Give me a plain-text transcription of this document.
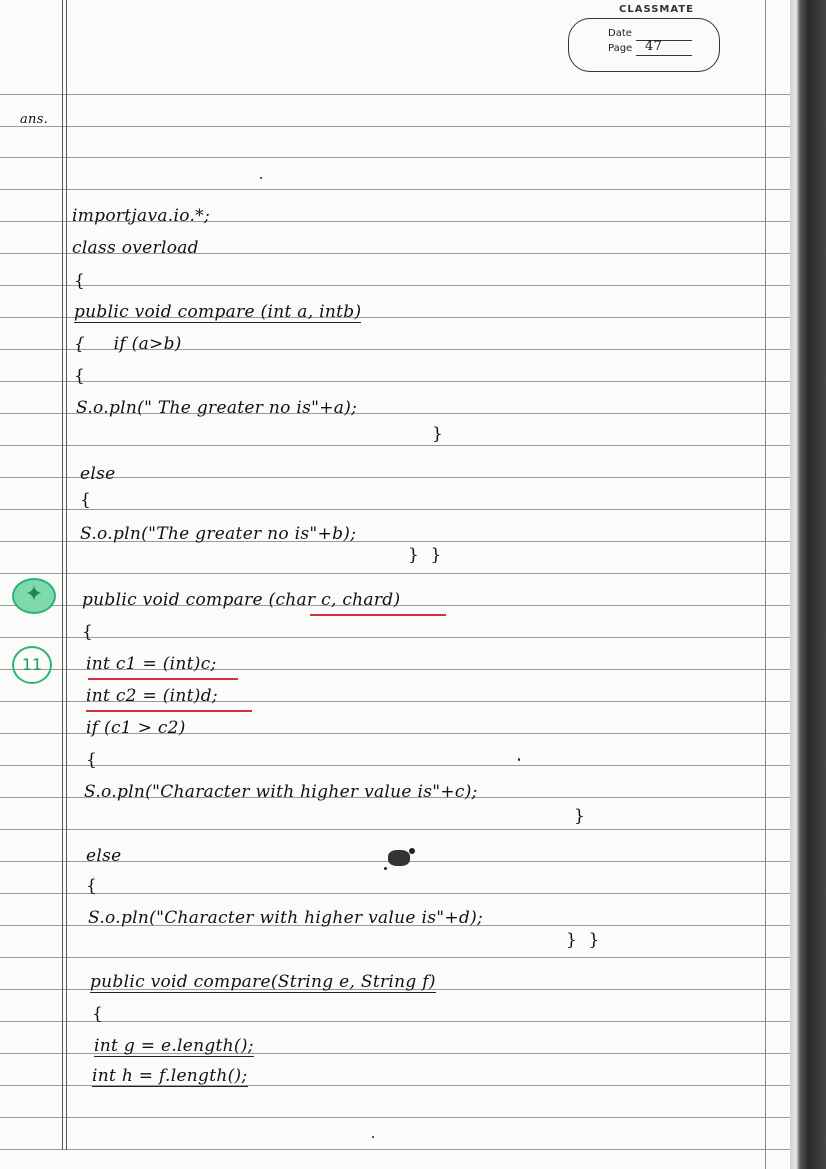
CLASSMATE
Date
Page 47
ans.
✦
11
importjava.io.*;
class overload
{
public void compare (int a, intb)
{     if (a>b)
{
S.o.pln(" The greater no is"+a);
}
else
{
S.o.pln("The greater no is"+b);
}  }
public void compare (char c, chard)
{
int c1 = (int)c;
int c2 = (int)d;
if (c1 > c2)
{
S.o.pln("Character with higher value is"+c);
}
else
{
S.o.pln("Character with higher value is"+d);
}  }
public void compare(String e, String f)
{
int g = e.length();
int h = f.length();
